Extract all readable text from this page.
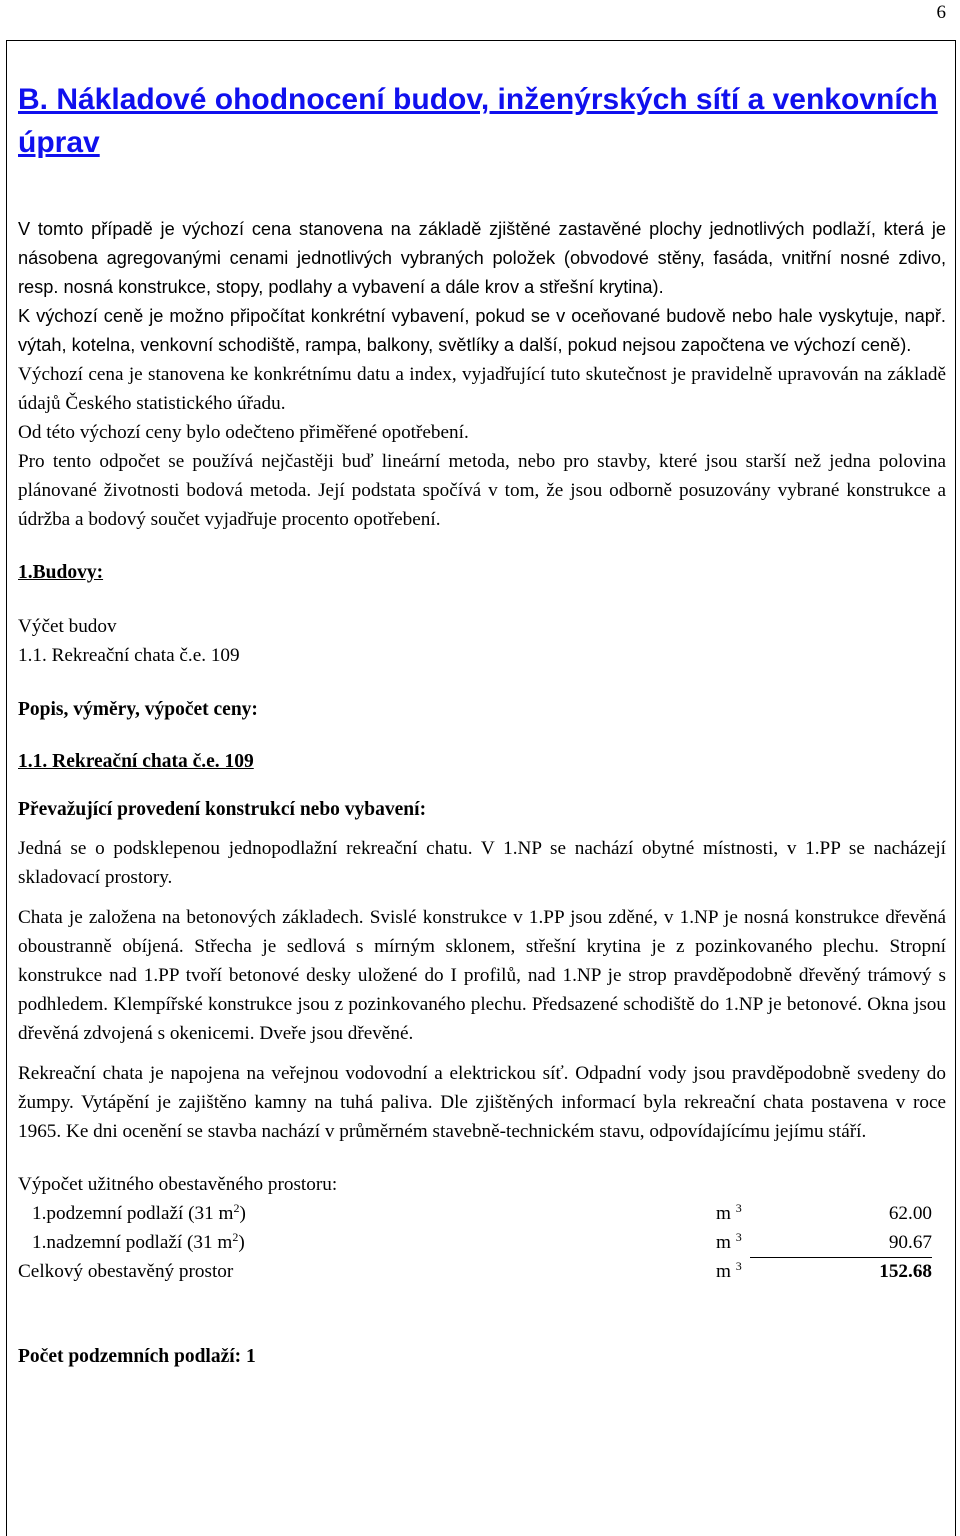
6
B. Nákladové ohodnocení budov, inženýrských sítí a venkovních úprav

V tomto případě je výchozí cena stanovena na základě zjištěné zastavěné plochy jednotlivých podlaží, která je násobena agregovanými cenami jednotlivých vybraných položek (obvodové stěny, fasáda, vnitřní nosné zdivo, resp. nosná konstrukce, stopy, podlahy a vybavení a dále krov a střešní krytina).

K výchozí ceně je možno připočítat konkrétní vybavení, pokud se v oceňované budově nebo hale vyskytuje, např. výtah, kotelna, venkovní schodiště, rampa, balkony, světlíky a další, pokud nejsou započtena ve výchozí ceně).

Výchozí cena je stanovena ke konkrétnímu datu a index, vyjadřující tuto skutečnost je pravidelně upravován na základě údajů Českého statistického úřadu.

Od této výchozí ceny bylo odečteno přiměřené opotřebení.

Pro tento odpočet se používá nejčastěji buď lineární metoda, nebo pro stavby, které jsou starší než jedna polovina plánované životnosti bodová metoda. Její podstata spočívá v tom, že jsou odborně posuzovány vybrané konstrukce a údržba a bodový součet vyjadřuje procento opotřebení.

1.Budovy:

Výčet budov

1.1. Rekreační chata č.e. 109

Popis, výměry, výpočet ceny:
1.1. Rekreační chata č.e. 109
Převažující provedení konstrukcí nebo vybavení:

Jedná se o podsklepenou jednopodlažní rekreační chatu. V 1.NP se nachází obytné místnosti, v 1.PP se nacházejí skladovací prostory.

Chata je založena na betonových základech. Svislé konstrukce v 1.PP jsou zděné, v 1.NP je nosná konstrukce dřevěná oboustranně obíjená. Střecha je sedlová s mírným sklonem, střešní krytina je z pozinkovaného plechu. Stropní konstrukce nad 1.PP tvoří betonové desky uložené do I profilů, nad 1.NP je strop pravděpodobně dřevěný trámový s podhledem. Klempířské konstrukce jsou z pozinkovaného plechu. Předsazené schodiště do 1.NP je betonové. Okna jsou dřevěná zdvojená s okenicemi. Dveře jsou dřevěné.

Rekreační chata je napojena na veřejnou vodovodní a elektrickou síť. Odpadní vody jsou pravděpodobně svedeny do žumpy. Vytápění je zajištěno kamny na tuhá paliva. Dle zjištěných informací byla rekreační chata postavena v roce 1965. Ke dni ocenění se stavba nachází v průměrném stavebně-technickém stavu, odpovídajícímu jejímu stáří.

Výpočet užitného obestavěného prostoru:

1.podzemní podlaží (31 $m^2$)	m $^3$	62.00
1.nadzemní podlaží (31 $m^2$)	m $^3$	90.67
Celkový obestavěný prostor	m $^3$	152.68
Počet podzemních podlaží: 1
